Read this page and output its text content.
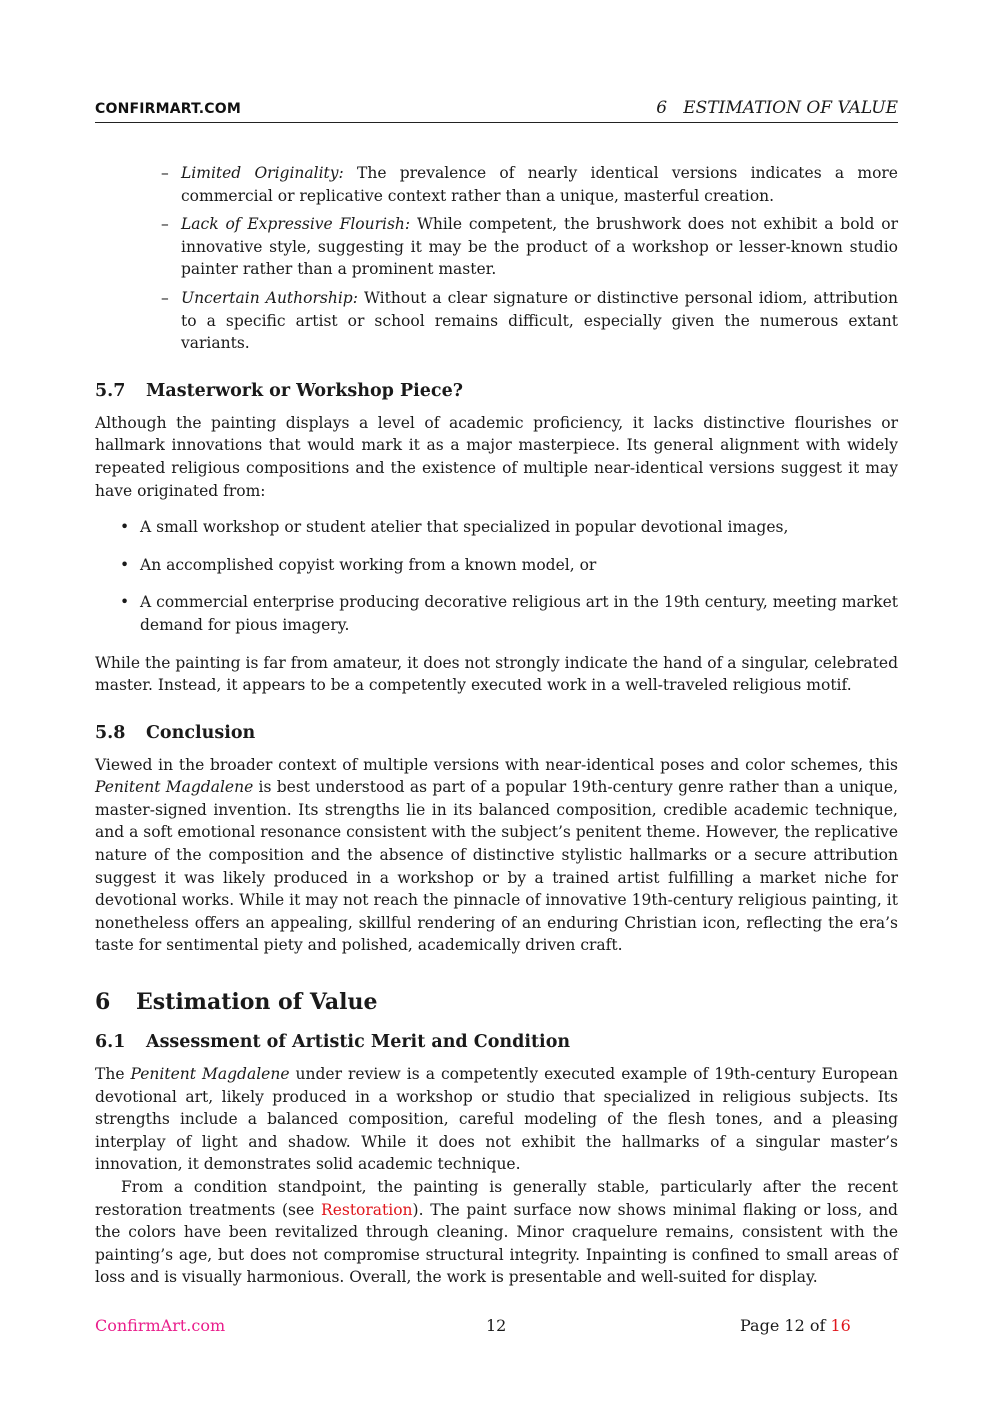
CONFIRMART.COM	6   ESTIMATION OF VALUE
– Limited Originality: The prevalence of nearly identical versions indicates a more commercial or replicative context rather than a unique, masterful creation.
– Lack of Expressive Flourish: While competent, the brushwork does not exhibit a bold or innovative style, suggesting it may be the product of a workshop or lesser-known studio painter rather than a prominent master.
– Uncertain Authorship: Without a clear signature or distinctive personal idiom, attribution to a specific artist or school remains difficult, especially given the numerous extant variants.
5.7 Masterwork or Workshop Piece?

Although the painting displays a level of academic proficiency, it lacks distinctive flourishes or hallmark innovations that would mark it as a major masterpiece. Its general alignment with widely repeated religious compositions and the existence of multiple near-identical versions suggest it may have originated from:

• A small workshop or student atelier that specialized in popular devotional images,
• An accomplished copyist working from a known model, or
• A commercial enterprise producing decorative religious art in the 19th century, meeting market demand for pious imagery.

While the painting is far from amateur, it does not strongly indicate the hand of a singular, celebrated master. Instead, it appears to be a competently executed work in a well-traveled religious motif.

5.8 Conclusion

Viewed in the broader context of multiple versions with near-identical poses and color schemes, this Penitent Magdalene is best understood as part of a popular 19th-century genre rather than a unique, master-signed invention. Its strengths lie in its balanced composition, credible academic technique, and a soft emotional resonance consistent with the subject’s penitent theme. However, the replicative nature of the composition and the absence of distinctive stylistic hallmarks or a secure attribution suggest it was likely produced in a workshop or by a trained artist fulfilling a market niche for devotional works. While it may not reach the pinnacle of innovative 19th-century religious painting, it nonetheless offers an appealing, skillful rendering of an enduring Christian icon, reflecting the era’s taste for sentimental piety and polished, academically driven craft.

6 Estimation of Value
6.1 Assessment of Artistic Merit and Condition

The Penitent Magdalene under review is a competently executed example of 19th-century European devotional art, likely produced in a workshop or studio that specialized in religious subjects. Its strengths include a balanced composition, careful modeling of the flesh tones, and a pleasing interplay of light and shadow. While it does not exhibit the hallmarks of a singular master’s innovation, it demonstrates solid academic technique.

From a condition standpoint, the painting is generally stable, particularly after the recent restoration treatments (see Restoration). The paint surface now shows minimal flaking or loss, and the colors have been revitalized through cleaning. Minor craquelure remains, consistent with the painting’s age, but does not compromise structural integrity. Inpainting is confined to small areas of loss and is visually harmonious. Overall, the work is presentable and well-suited for display.

ConfirmArt.com	12	Page 12 of 16
